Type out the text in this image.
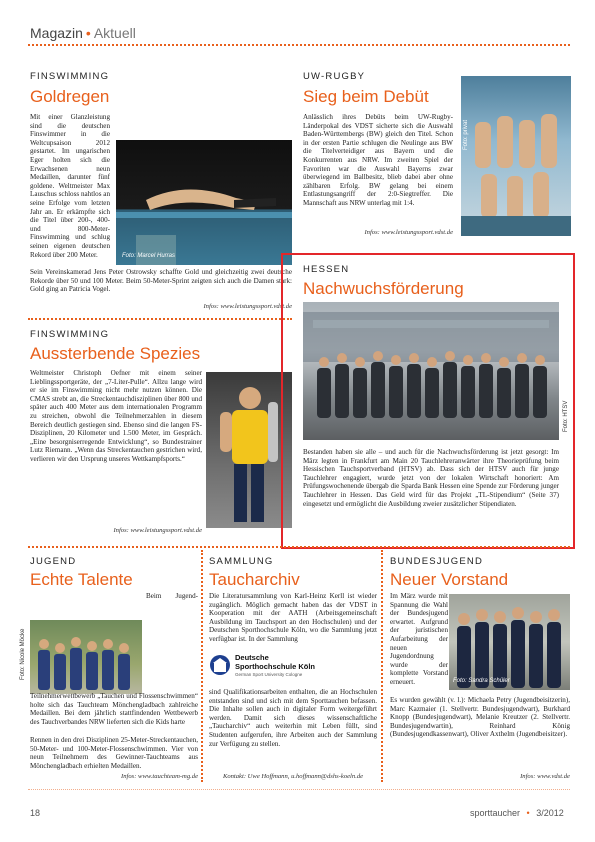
Magazin • Aktuell
FINSWIMMING
Goldregen
Mit einer Glanzleistung sind die deutschen Finswimmer in die Weltcupsaison 2012 gestartet. Im ungarischen Eger holten sich die Erwachsenen neun Medaillen, darunter fünf goldene. Weltmeister Max Lauschus schloss nahtlos an seine Erfolge vom letzten Jahr an. Er erkämpfte sich die Titel über 200-, 400- und 800-Meter-Finswimming und schlug seinen eigenen deutschen Rekord über 200 Meter.	Foto: Marcel Hurras
Sein Vereinskamerad Jens Peter Ostrowsky schaffte Gold und gleichzeitig zwei deutsche Rekorde über 50 und 100 Meter. Beim 50-Meter-Sprint zeigten sich auch die Damen stark: Gold ging an Patricia Vogel.
Infos: www.leistungssport.vdst.de
UW-RUGBY
Sieg beim Debüt
Anlässlich ihres Debüts beim UW-Rugby-Länderpokal des VDST sicherte sich die Auswahl Baden-Württembergs (BW) gleich den Titel. Schon in der ersten Partie schlugen die Neulinge aus BW die Titelverteidiger aus Bayern und die Konkurrenten aus NRW. Im zweiten Spiel der Favoriten war die Auswahl Bayerns zwar überwiegend im Ballbesitz, blieb dabei aber ohne zählbaren Erfolg. BW gelang bei einem Entlastungsangriff der 2:0-Siegtreffer. Die Mannschaft aus NRW unterlag mit 1:4.
Infos: www.leistungssport.vdst.de
Foto: privat
FINSWIMMING
Aussterbende Spezies
Weltmeister Christoph Oefner mit einem seiner Lieblingssportgeräte, der „7-Liter-Pulle“. Allzu lange wird er sie im Finswimming nicht mehr nutzen können. Die CMAS strebt an, die Streckentauchdisziplinen über 800 und später auch 400 Meter aus dem internationalen Programm zu streichen, obwohl die Teilnehmerzahlen in diesem Bereich deutlich gestiegen sind. Ebenso sind die langen FS-Disziplinen, 20 Kilometer und 1.500 Meter, im Gespräch. „Eine besorgniserregende Entwicklung“, so Bundestrainer Lutz Riemann. „Wenn das Streckentauchen gestrichen wird, verlieren wir den Ursprung unseres Wettkampfsports.“
Infos: www.leistungssport.vdst.de
HESSEN
Nachwuchsförderung
Foto: HTSV
Bestanden haben sie alle – und auch für die Nachwuchsförderung ist jetzt gesorgt: Im März legten in Frankfurt am Main 20 Tauchlehreranwärter ihre Theorieprüfung beim Hessischen Tauchsportverband (HTSV) ab. Dass sich der HTSV auch für junge Tauchlehrer engagiert, wurde jetzt von der lokalen Wirtschaft honoriert: Am Prüfungswochenende übergab die Sparda Bank Hessen eine Spende zur Förderung junger Tauchlehrer in Hessen. Das Geld wird für das Projekt „TL-Stipendium“ (Seite 37) eingesetzt und ermöglicht die Ausbildung zweier zusätzlicher Stipendiaten.
JUGEND
Echte Talente
Foto: Nicole Möcke
Beim Jugend-Teilnehmerwettbewerb „Tauchen und Flossenschwimmen“ holte sich das Tauchteam Mönchengladbach zahlreiche Medaillen. Bei dem jährlich stattfindenden Wettbewerb des Tauchverbandes NRW lieferten sich die Kids harte
Rennen in den drei Disziplinen 25-Meter-Streckentauchen, 50-Meter- und 100-Meter-Flossenschwimmen. Vier von neun Teilnehmern des Gewinner-Tauchteams aus Mönchengladbach erhielten Medaillen.
Infos: www.tauchteam-mg.de
SAMMLUNG
Taucharchiv
Die Literatursammlung von Karl-Heinz Kerll ist wieder zugänglich. Möglich gemacht haben das der VDST in Kooperation mit der AATH (Arbeitsgemeinschaft Ausbildung im Tauchsport an den Hochschulen) und der Deutschen Sporthochschule Köln, wo die Sammlung jetzt verfügbar ist. In der Sammlung
Deutsche
Sporthochschule Köln
German Sport University Cologne
sind Qualifikationsarbeiten enthalten, die an Hochschulen entstanden sind und sich mit dem Sporttauchen befassen. Die Inhalte sollen auch in digitaler Form weitergeführt werden. Damit sich dieses wissenschaftliche „Taucharchiv“ auch weiterhin mit Leben füllt, sind Studenten aufgerufen, ihre Arbeiten auch der Sammlung zur Verfügung zu stellen.
Kontakt: Uwe Hoffmann, u.hoffmann@dshs-koeln.de
BUNDESJUGEND
Neuer Vorstand
Im März wurde mit Spannung die Wahl der Bundesjugend erwartet. Aufgrund der juristischen Aufarbeitung der neuen Jugendordnung wurde der komplette Vorstand erneuert.	Foto: Sandra Schüler
Es wurden gewählt (v. l.): Michaela Petry (Jugendbeisitzerin), Marc Kazmaier (1. Stellvertr. Bundesjugendwart), Burkhard Knopp (Bundesjugendwart), Melanie Kreutzer (2. Stellvertr. Bundesjugendwartin), Reinhard König (Bundesjugendkassenwart), Oliver Axthelm (Jugendbeisitzer).
Infos: www.vdst.de
18	sporttaucher • 3/2012
